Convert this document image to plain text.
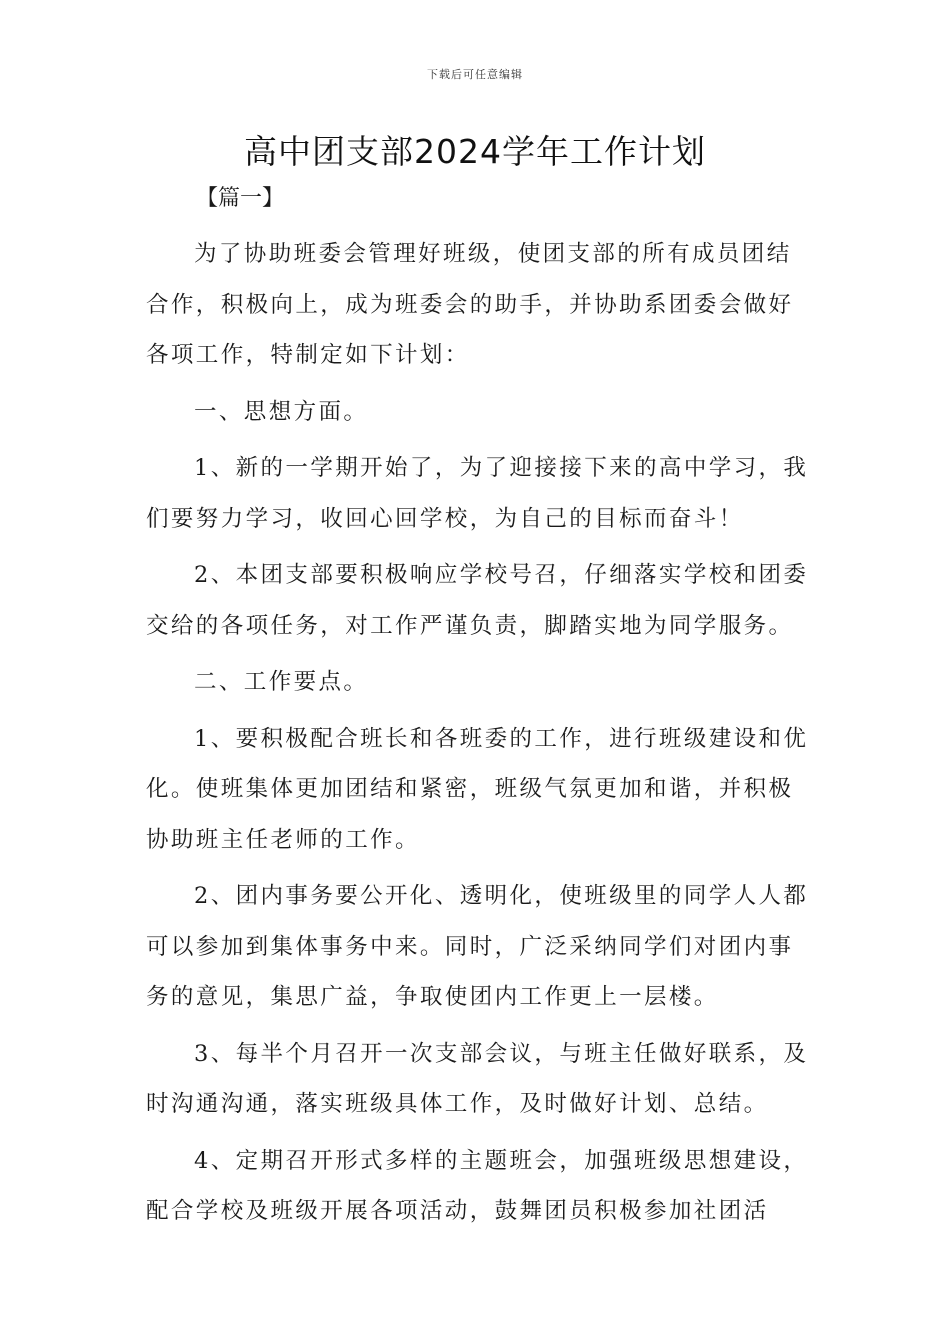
下载后可任意编辑
高中团支部2024学年工作计划
【篇一】

为了协助班委会管理好班级，使团支部的所有成员团结合作，积极向上，成为班委会的助手，并协助系团委会做好各项工作，特制定如下计划：

一、思想方面。

1、新的一学期开始了，为了迎接接下来的高中学习，我们要努力学习，收回心回学校，为自己的目标而奋斗！

2、本团支部要积极响应学校号召，仔细落实学校和团委交给的各项任务，对工作严谨负责，脚踏实地为同学服务。

二、工作要点。

1、要积极配合班长和各班委的工作，进行班级建设和优化。使班集体更加团结和紧密，班级气氛更加和谐，并积极协助班主任老师的工作。

2、团内事务要公开化、透明化，使班级里的同学人人都可以参加到集体事务中来。同时，广泛采纳同学们对团内事务的意见，集思广益，争取使团内工作更上一层楼。

3、每半个月召开一次支部会议，与班主任做好联系，及时沟通沟通，落实班级具体工作，及时做好计划、总结。

4、定期召开形式多样的主题班会，加强班级思想建设，配合学校及班级开展各项活动，鼓舞团员积极参加社团活
